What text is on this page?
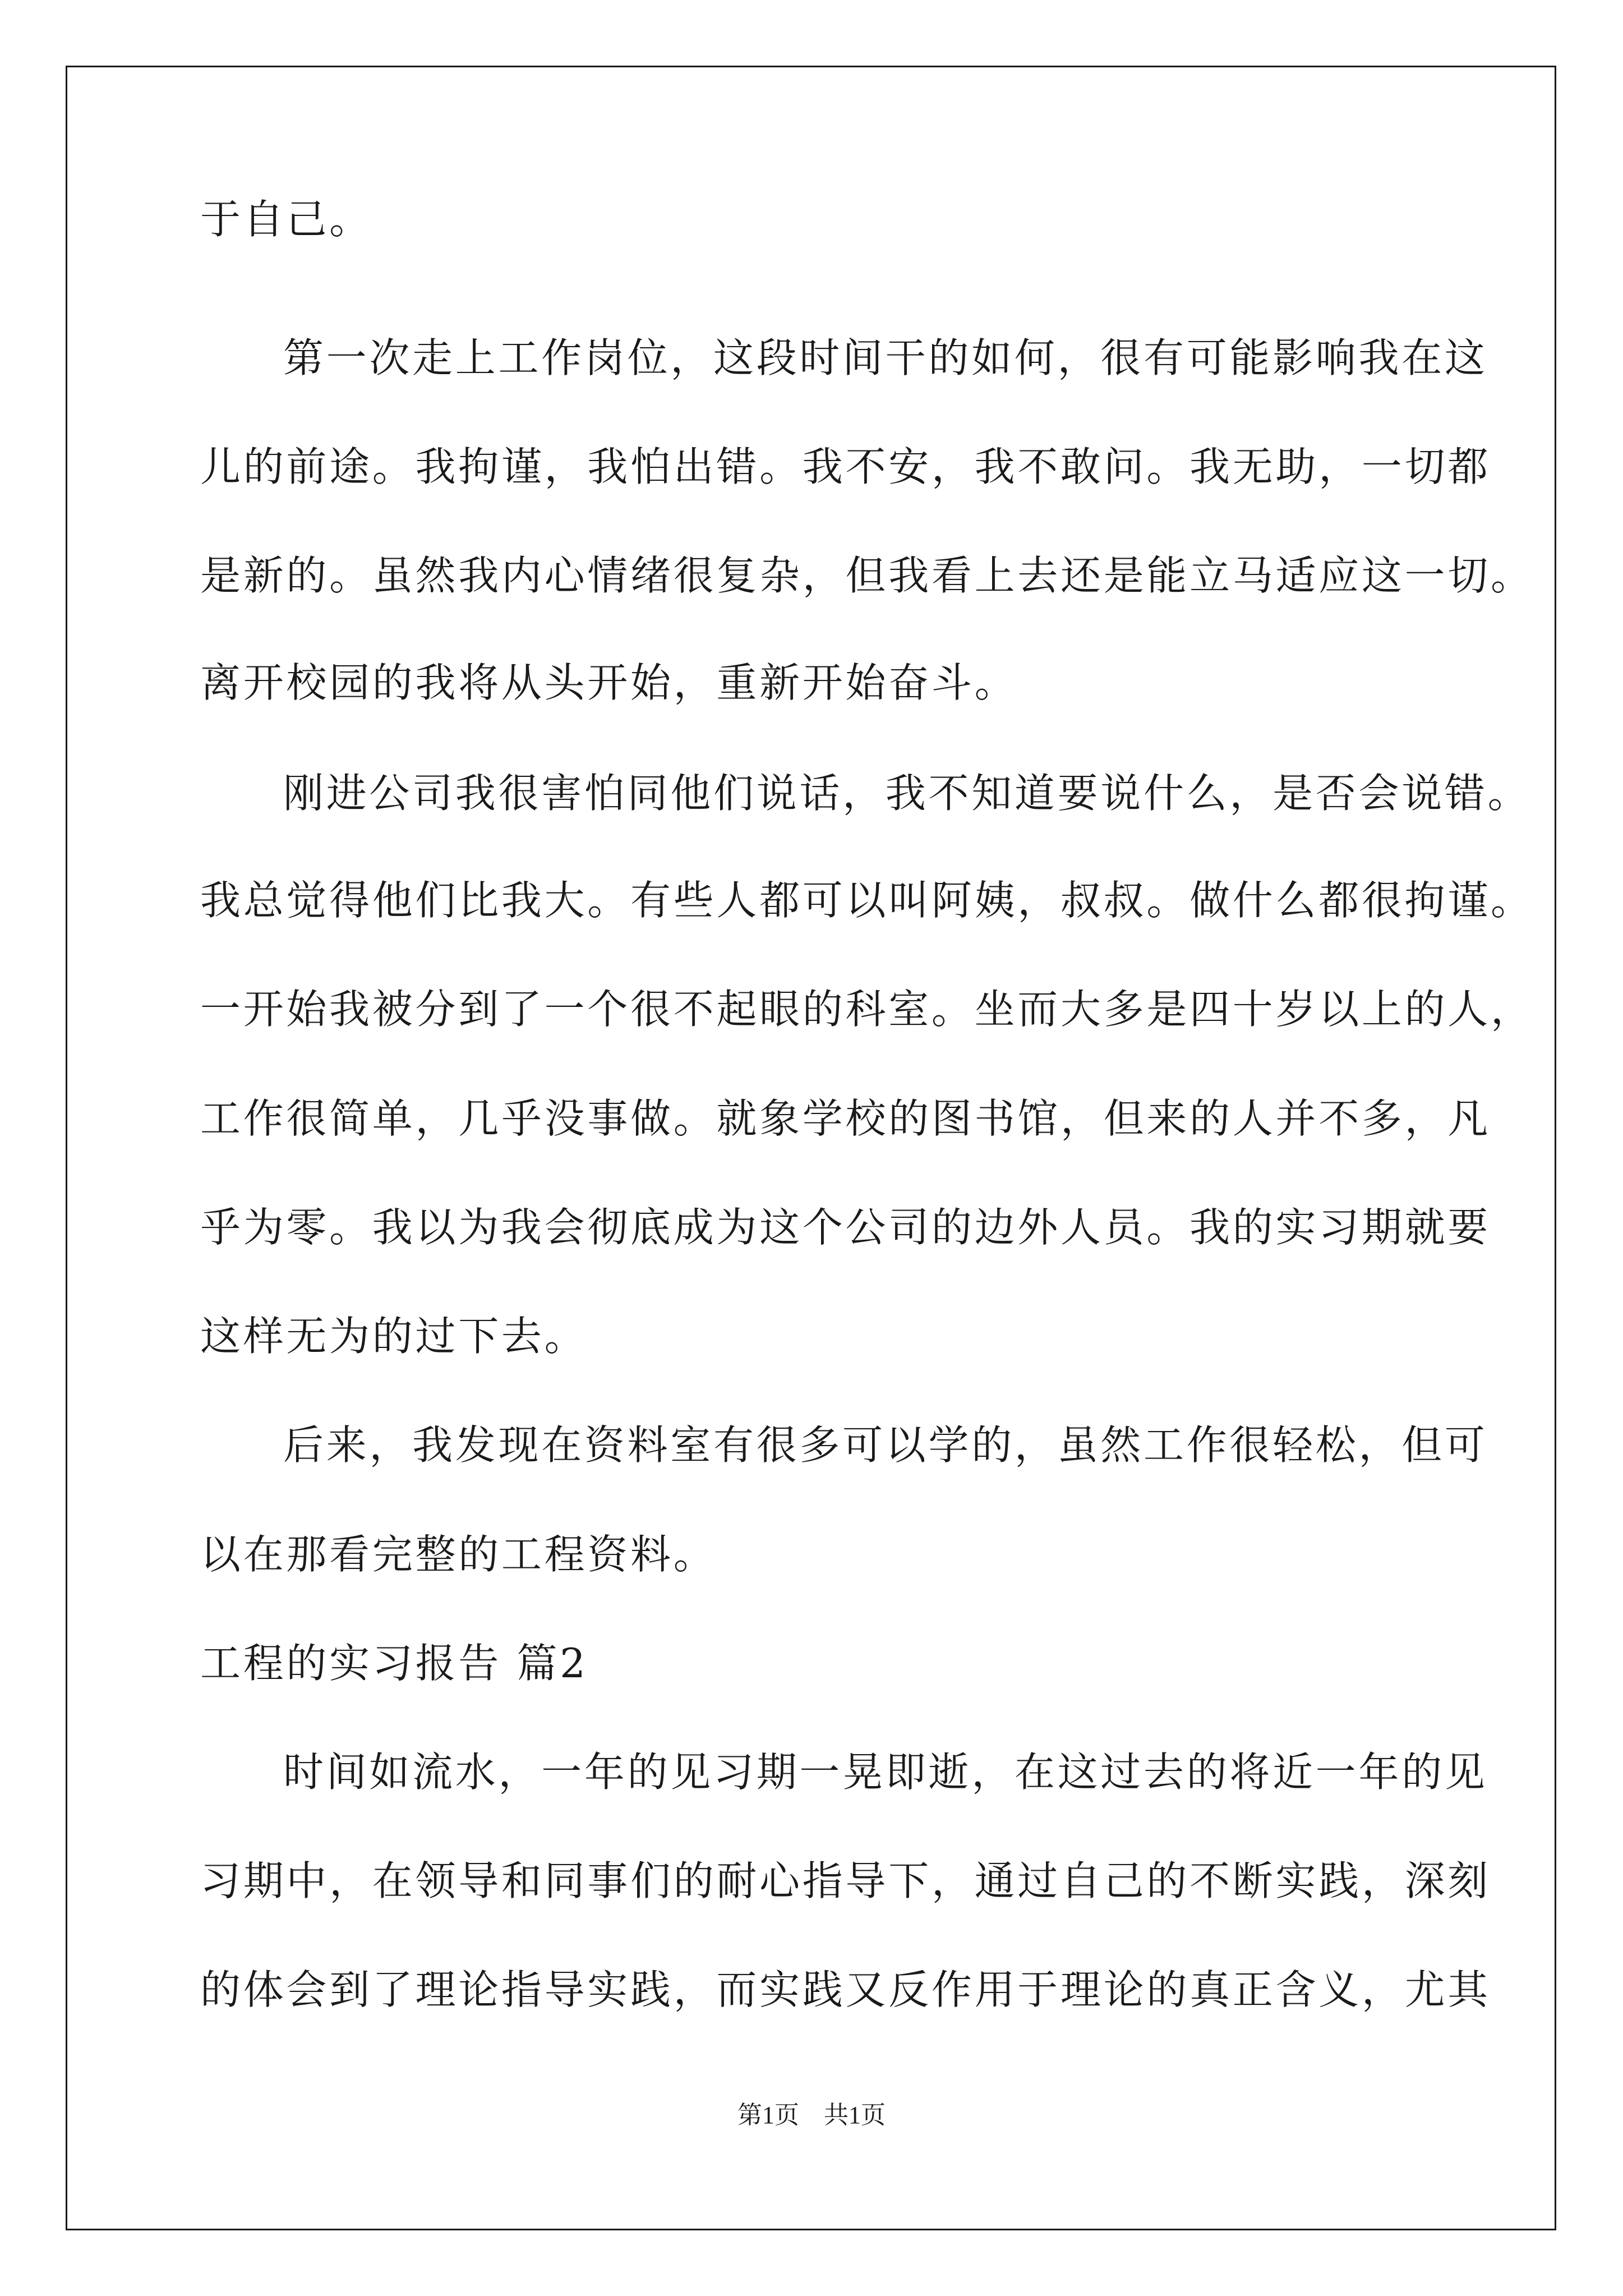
于自己。
第一次走上工作岗位，这段时间干的如何，很有可能影响我在这
儿的前途。我拘谨，我怕出错。我不安，我不敢问。我无助，一切都
是新的。虽然我内心情绪很复杂，但我看上去还是能立马适应这一切。
离开校园的我将从头开始，重新开始奋斗。
刚进公司我很害怕同他们说话，我不知道要说什么，是否会说错。
我总觉得他们比我大。有些人都可以叫阿姨，叔叔。做什么都很拘谨。
一开始我被分到了一个很不起眼的科室。坐而大多是四十岁以上的人，
工作很简单，几乎没事做。就象学校的图书馆，但来的人并不多，凡
乎为零。我以为我会彻底成为这个公司的边外人员。我的实习期就要
这样无为的过下去。
后来，我发现在资料室有很多可以学的，虽然工作很轻松，但可
以在那看完整的工程资料。
工程的实习报告 篇2
时间如流水，一年的见习期一晃即逝，在这过去的将近一年的见
习期中，在领导和同事们的耐心指导下，通过自己的不断实践，深刻
的体会到了理论指导实践，而实践又反作用于理论的真正含义，尤其
第1页　共1页
